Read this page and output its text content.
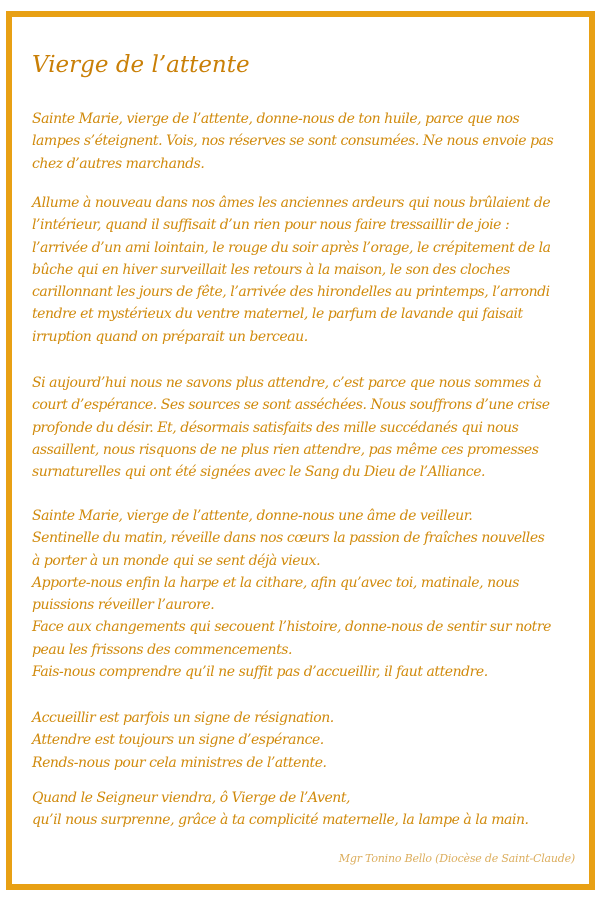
Vierge de l’attente

Sainte Marie, vierge de l’attente, donne-nous de ton huile, parce que nos
lampes s’éteignent. Vois, nos réserves se sont consumées. Ne nous envoie pas
chez d’autres marchands.

Allume à nouveau dans nos âmes les anciennes ardeurs qui nous brûlaient de
l’intérieur, quand il suffisait d’un rien pour nous faire tressaillir de joie :
l’arrivée d’un ami lointain, le rouge du soir après l’orage, le crépitement de la
bûche qui en hiver surveillait les retours à la maison, le son des cloches
carillonnant les jours de fête, l’arrivée des hirondelles au printemps, l’arrondi
tendre et mystérieux du ventre maternel, le parfum de lavande qui faisait
irruption quand on préparait un berceau.

Si aujourd’hui nous ne savons plus attendre, c’est parce que nous sommes à
court d’espérance. Ses sources se sont asséchées. Nous souffrons d’une crise
profonde du désir. Et, désormais satisfaits des mille succédanés qui nous
assaillent, nous risquons de ne plus rien attendre, pas même ces promesses
surnaturelles qui ont été signées avec le Sang du Dieu de l’Alliance.

Sainte Marie, vierge de l’attente, donne-nous une âme de veilleur.
Sentinelle du matin, réveille dans nos cœurs la passion de fraîches nouvelles
à porter à un monde qui se sent déjà vieux.
Apporte-nous enfin la harpe et la cithare, afin qu’avec toi, matinale, nous
puissions réveiller l’aurore.
Face aux changements qui secouent l’histoire, donne-nous de sentir sur notre
peau les frissons des commencements.
Fais-nous comprendre qu’il ne suffit pas d’accueillir, il faut attendre.

Accueillir est parfois un signe de résignation.
Attendre est toujours un signe d’espérance.
Rends-nous pour cela ministres de l’attente.

Quand le Seigneur viendra, ô Vierge de l’Avent,
qu’il nous surprenne, grâce à ta complicité maternelle, la lampe à la main.

Mgr Tonino Bello (Diocèse de Saint-Claude)
